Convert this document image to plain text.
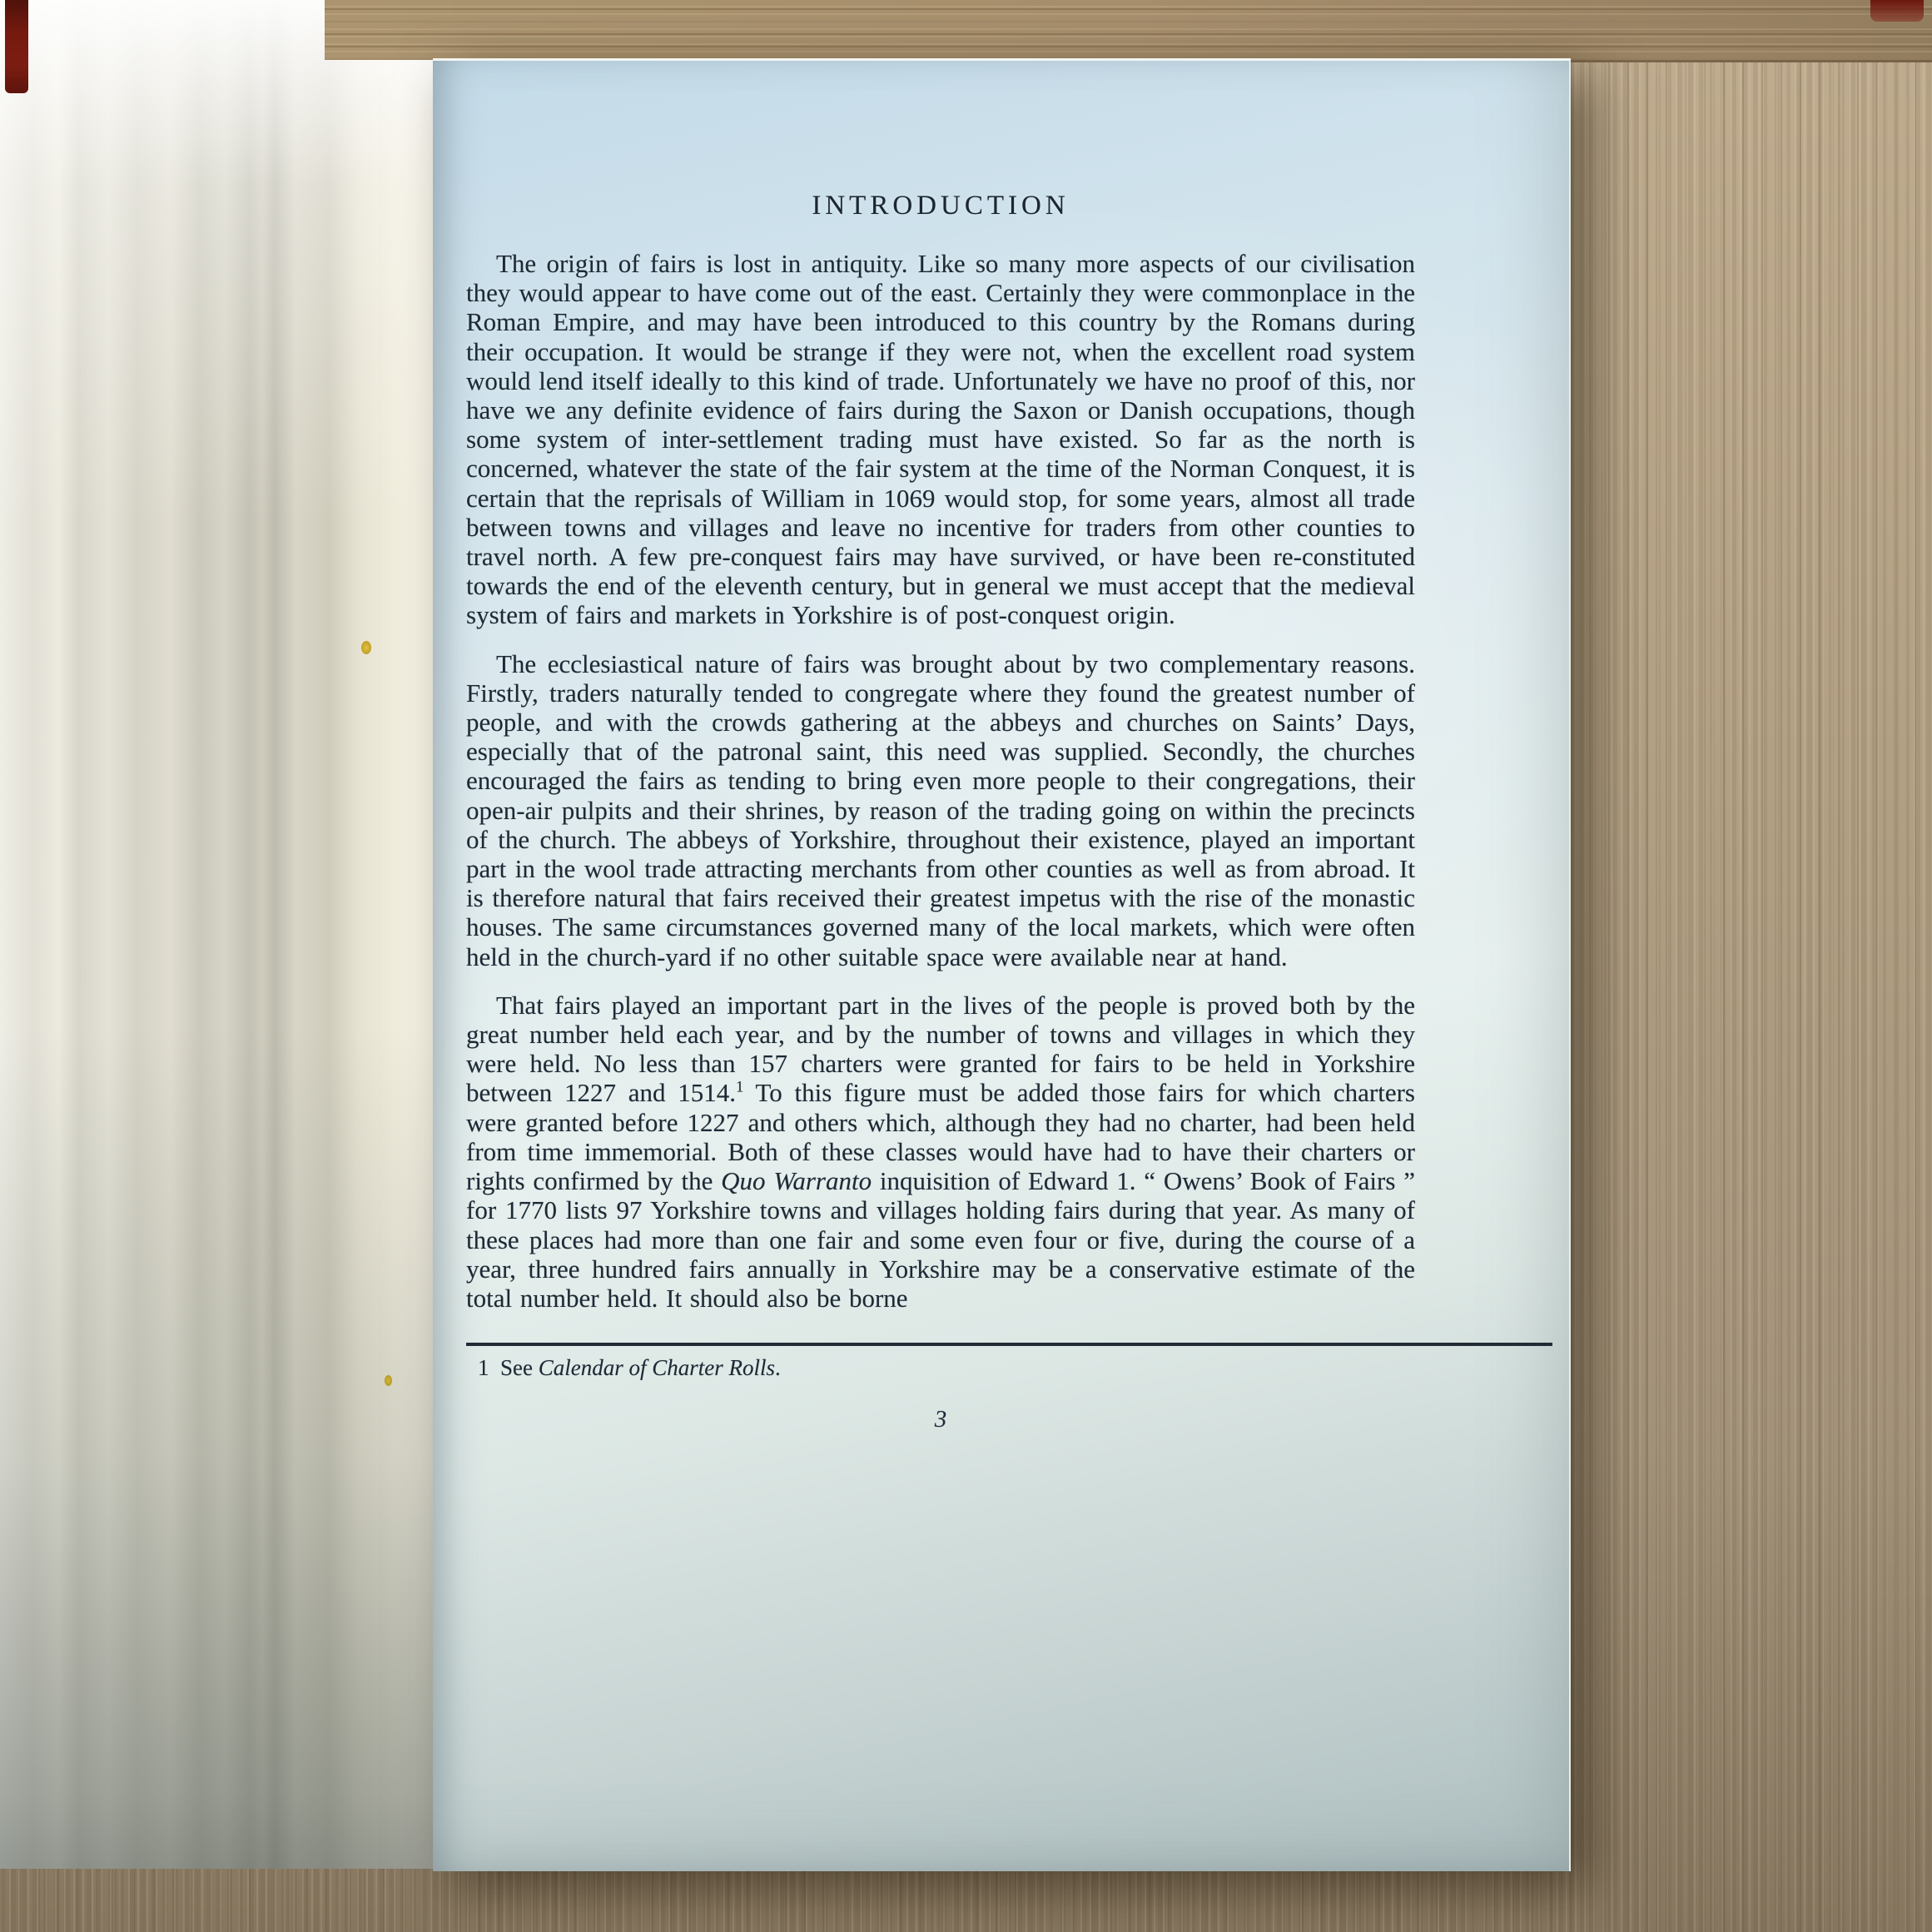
INTRODUCTION

The origin of fairs is lost in antiquity. Like so many more aspects of our civilisation they would appear to have come out of the east. Certainly they were commonplace in the Roman Empire, and may have been introduced to this country by the Romans during their occupation. It would be strange if they were not, when the excellent road system would lend itself ideally to this kind of trade. Unfortunately we have no proof of this, nor have we any definite evidence of fairs during the Saxon or Danish occupations, though some system of inter-settlement trading must have existed. So far as the north is concerned, whatever the state of the fair system at the time of the Norman Conquest, it is certain that the reprisals of William in 1069 would stop, for some years, almost all trade between towns and villages and leave no incentive for traders from other counties to travel north. A few pre-conquest fairs may have survived, or have been re-constituted towards the end of the eleventh century, but in general we must accept that the medieval system of fairs and markets in Yorkshire is of post-conquest origin.

The ecclesiastical nature of fairs was brought about by two complementary reasons. Firstly, traders naturally tended to congregate where they found the greatest number of people, and with the crowds gathering at the abbeys and churches on Saints’ Days, especially that of the patronal saint, this need was supplied. Secondly, the churches encouraged the fairs as tending to bring even more people to their congregations, their open-air pulpits and their shrines, by reason of the trading going on within the precincts of the church. The abbeys of Yorkshire, throughout their existence, played an important part in the wool trade attracting merchants from other counties as well as from abroad. It is therefore natural that fairs received their greatest impetus with the rise of the monastic houses. The same circumstances governed many of the local markets, which were often held in the church-yard if no other suitable space were available near at hand.

That fairs played an important part in the lives of the people is proved both by the great number held each year, and by the number of towns and villages in which they were held. No less than 157 charters were granted for fairs to be held in Yorkshire between 1227 and 1514.$^1$ To this figure must be added those fairs for which charters were granted before 1227 and others which, although they had no charter, had been held from time immemorial. Both of these classes would have had to have their charters or rights confirmed by the Quo Warranto inquisition of Edward 1. “ Owens’ Book of Fairs ” for 1770 lists 97 Yorkshire towns and villages holding fairs during that year. As many of these places had more than one fair and some even four or five, during the course of a year, three hundred fairs annually in Yorkshire may be a conservative estimate of the total number held. It should also be borne

1 See Calendar of Charter Rolls.
3
